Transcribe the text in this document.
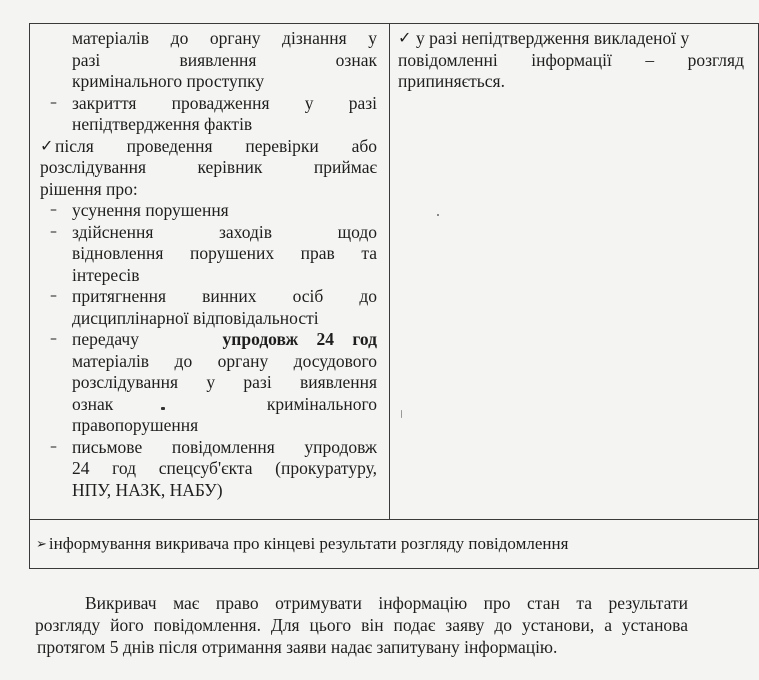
матеріалів до органу дізнання у
разі	виявлення	ознак
кримінального проступку
– закриття провадження у разі
непідтвердження фактів
✓ після проведення перевірки або
розслідування	керівник	приймає
рішення про:
– усунення порушення
– здійснення	заходів	щодо
відновлення порушених прав та
інтересів
– притягнення винних осіб до
дисциплінарної відповідальності
– передачу	упродовж 24 год
матеріалів до органу досудового
розслідування у разі виявлення
ознак	кримінального
правопорушення
– письмове повідомлення упродовж
24 год спецсуб'єкта (прокуратуру,
НПУ, НАЗК, НАБУ)

✓ у разі непідтвердження викладеної у
повідомленні інформації – розгляд
припиняється.

➢ інформування викривача про кінцеві результати розгляду повідомлення
Викривач має право отримувати інформацію про стан та результати
розгляду його повідомлення. Для цього він подає заяву до установи, а установа
протягом 5 днів після отримання заяви надає запитувану інформацію.
